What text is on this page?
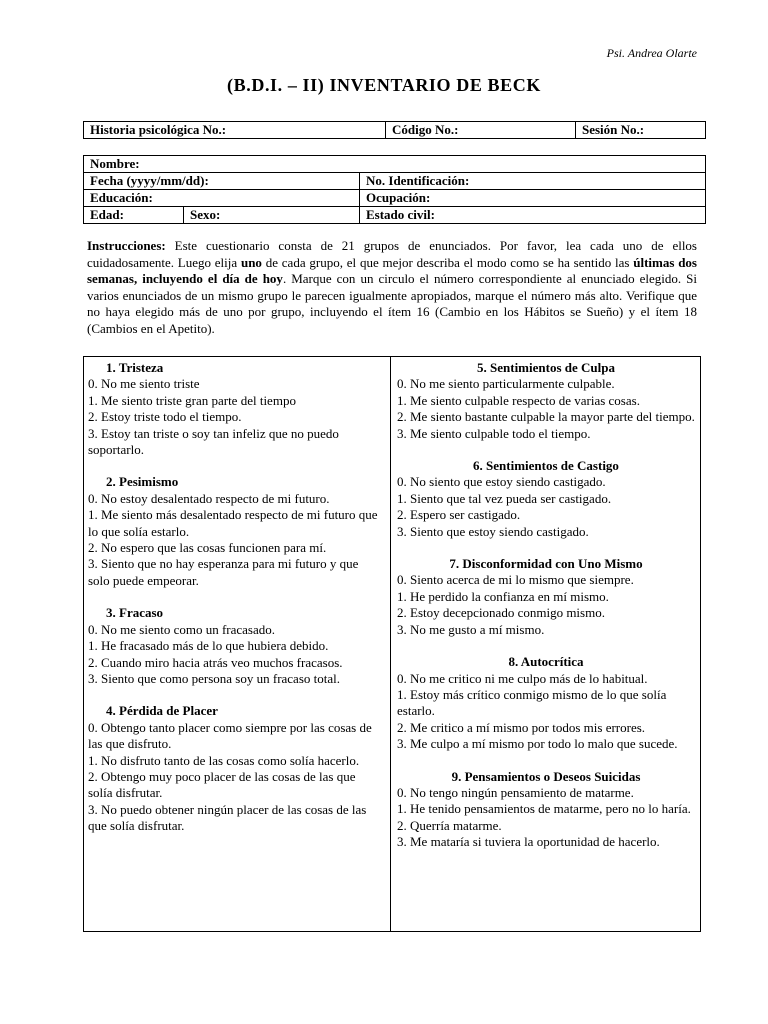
Psi. Andrea Olarte
(B.D.I. – II) INVENTARIO DE BECK
Historia psicológica No.:	Código No.:	Sesión No.:
Nombre:		
Fecha (yyyy/mm/dd):		No. Identificación:
Educación:		Ocupación:
Edad:	Sexo:	Estado civil:

Instrucciones: Este cuestionario consta de 21 grupos de enunciados. Por favor, lea cada uno de ellos cuidadosamente. Luego elija uno de cada grupo, el que mejor describa el modo como se ha sentido las últimas dos semanas, incluyendo el día de hoy. Marque con un circulo el número correspondiente al enunciado elegido. Si varios enunciados de un mismo grupo le parecen igualmente apropiados, marque el número más alto. Verifique que no haya elegido más de uno por grupo, incluyendo el ítem 16 (Cambio en los Hábitos se Sueño) y el ítem 18 (Cambios en el Apetito).

1. Tristeza
0. No me siento triste
1. Me siento triste gran parte del tiempo
2. Estoy triste todo el tiempo.
3. Estoy tan triste o soy tan infeliz que no puedo soportarlo.
2. Pesimismo
0. No estoy desalentado respecto de mi futuro.
1. Me siento más desalentado respecto de mi futuro que lo que solía estarlo.
2. No espero que las cosas funcionen para mí.
3. Siento que no hay esperanza para mi futuro y que solo puede empeorar.
3. Fracaso
0. No me siento como un fracasado.
1. He fracasado más de lo que hubiera debido.
2. Cuando miro hacia atrás veo muchos fracasos.
3. Siento que como persona soy un fracaso total.
4. Pérdida de Placer
0. Obtengo tanto placer como siempre por las cosas de las que disfruto.
1. No disfruto tanto de las cosas como solía hacerlo.
2. Obtengo muy poco placer de las cosas de las que solía disfrutar.
3. No puedo obtener ningún placer de las cosas de las que solía disfrutar.
5. Sentimientos de Culpa
0. No me siento particularmente culpable.
1. Me siento culpable respecto de varias cosas.
2. Me siento bastante culpable la mayor parte del tiempo.
3. Me siento culpable todo el tiempo.
6. Sentimientos de Castigo
0. No siento que estoy siendo castigado.
1. Siento que tal vez pueda ser castigado.
2. Espero ser castigado.
3. Siento que estoy siendo castigado.
7. Disconformidad con Uno Mismo
0. Siento acerca de mi lo mismo que siempre.
1. He perdido la confianza en mí mismo.
2. Estoy decepcionado conmigo mismo.
3. No me gusto a mí mismo.
8. Autocrítica
0. No me critico ni me culpo más de lo habitual.
1. Estoy más crítico conmigo mismo de lo que solía estarlo.
2. Me critico a mí mismo por todos mis errores.
3. Me culpo a mí mismo por todo lo malo que sucede.
9. Pensamientos o Deseos Suicidas
0. No tengo ningún pensamiento de matarme.
1. He tenido pensamientos de matarme, pero no lo haría.
2. Querría matarme.
3. Me mataría si tuviera la oportunidad de hacerlo.
